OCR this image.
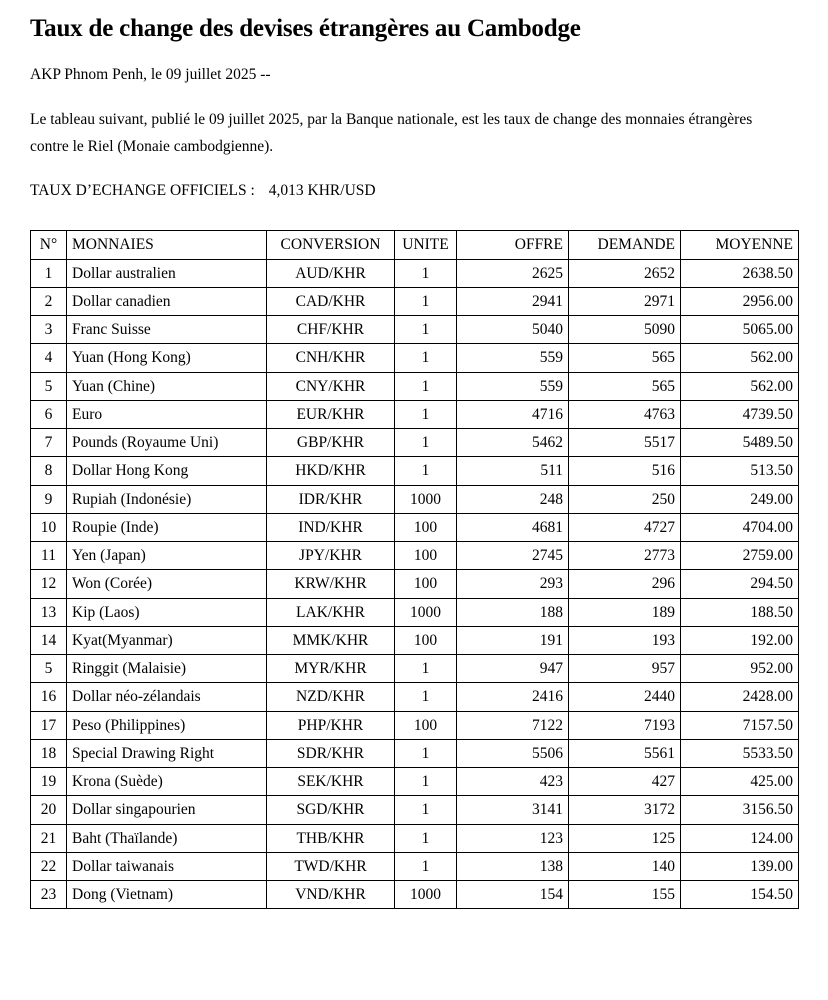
Taux de change des devises étrangères au Cambodge

AKP Phnom Penh, le 09 juillet 2025 --

Le tableau suivant, publié le 09 juillet 2025, par la Banque nationale, est les taux de change des monnaies étrangères contre le Riel (Monaie cambodgienne).

TAUX D’ECHANGE OFFICIELS : 4,013 KHR/USD

N°	MONNAIES	CONVERSION	UNITE	OFFRE	DEMANDE	MOYENNE
1	Dollar australien	AUD/KHR	1	2625	2652	2638.50
2	Dollar canadien	CAD/KHR	1	2941	2971	2956.00
3	Franc Suisse	CHF/KHR	1	5040	5090	5065.00
4	Yuan (Hong Kong)	CNH/KHR	1	559	565	562.00
5	Yuan (Chine)	CNY/KHR	1	559	565	562.00
6	Euro	EUR/KHR	1	4716	4763	4739.50
7	Pounds (Royaume Uni)	GBP/KHR	1	5462	5517	5489.50
8	Dollar Hong Kong	HKD/KHR	1	511	516	513.50
9	Rupiah (Indonésie)	IDR/KHR	1000	248	250	249.00
10	Roupie (Inde)	IND/KHR	100	4681	4727	4704.00
11	Yen (Japan)	JPY/KHR	100	2745	2773	2759.00
12	Won (Corée)	KRW/KHR	100	293	296	294.50
13	Kip (Laos)	LAK/KHR	1000	188	189	188.50
14	Kyat(Myanmar)	MMK/KHR	100	191	193	192.00
5	Ringgit (Malaisie)	MYR/KHR	1	947	957	952.00
16	Dollar néo-zélandais	NZD/KHR	1	2416	2440	2428.00
17	Peso (Philippines)	PHP/KHR	100	7122	7193	7157.50
18	Special Drawing Right	SDR/KHR	1	5506	5561	5533.50
19	Krona (Suède)	SEK/KHR	1	423	427	425.00
20	Dollar singapourien	SGD/KHR	1	3141	3172	3156.50
21	Baht (Thaïlande)	THB/KHR	1	123	125	124.00
22	Dollar taiwanais	TWD/KHR	1	138	140	139.00
23	Dong (Vietnam)	VND/KHR	1000	154	155	154.50
